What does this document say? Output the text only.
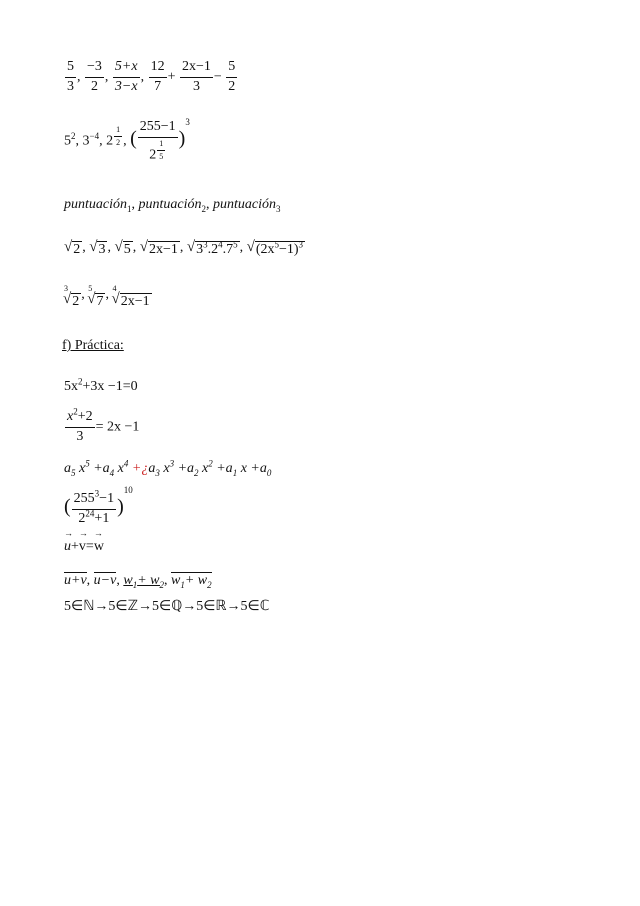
$\frac{5}{3}$ , $\frac{-3}{2}$ , $\frac{5+x}{3-x}$ , $\frac{12}{7} + \frac{2x-1}{3} - \frac{5}{2}$
$5^2$, $3^{-4}$, 2 $^{\frac{1}{2}}$ , ( 255−1
2 $^{\frac{1}{5}}$ )$^3$
puntuación$_1$, puntuación$_2$, puntuación$_3$
√ 2 , √ 3 , √ 5 , √ 2x−1 , √ $3^3.2^4.7^5$ , √ $(2x^5-1)^3$
3
√ 2 , 5
√ 7 , 4
√ 2x−1
f) Práctica:
$5x^2+3x -1=0$
$\frac{x^2+2}{3} = 2x -1$
$a_5$ $x^5 +a_4$ $x^4$ $+¿a_3$ $x^3 +a_2$ $x^2 +a_1$ $x +a_0$
( $\frac{255^3-1}{2^{24}+1} )^{10}$
→ u+→ v=→ w
u+v, u−v, $w_1+ w_2$, $w_1+ w_2$
5∈ℕ→5∈ℤ→5∈ℚ→5∈ℝ→5∈ℂ
